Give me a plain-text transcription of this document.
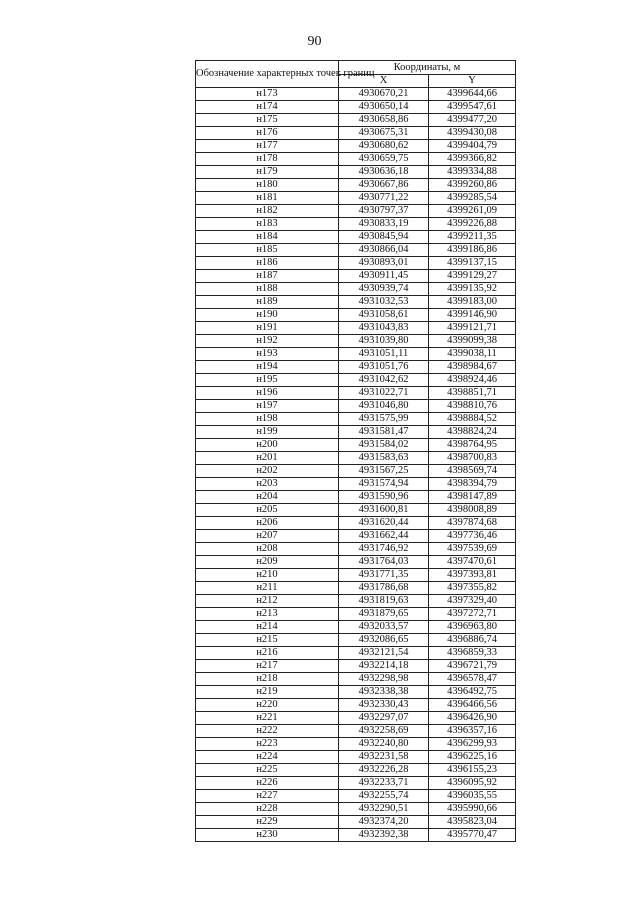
90
Обозначение характерных точек границ	Координаты, м	
	X	Y
н173	4930670,21	4399644,66
н174	4930650,14	4399547,61
н175	4930658,86	4399477,20
н176	4930675,31	4399430,08
н177	4930680,62	4399404,79
н178	4930659,75	4399366,82
н179	4930636,18	4399334,88
н180	4930667,86	4399260,86
н181	4930771,22	4399285,54
н182	4930797,37	4399261,09
н183	4930833,19	4399226,88
н184	4930845,94	4399211,35
н185	4930866,04	4399186,86
н186	4930893,01	4399137,15
н187	4930911,45	4399129,27
н188	4930939,74	4399135,92
н189	4931032,53	4399183,00
н190	4931058,61	4399146,90
н191	4931043,83	4399121,71
н192	4931039,80	4399099,38
н193	4931051,11	4399038,11
н194	4931051,76	4398984,67
н195	4931042,62	4398924,46
н196	4931022,71	4398851,71
н197	4931046,80	4398810,76
н198	4931575,99	4398884,52
н199	4931581,47	4398824,24
н200	4931584,02	4398764,95
н201	4931583,63	4398700,83
н202	4931567,25	4398569,74
н203	4931574,94	4398394,79
н204	4931590,96	4398147,89
н205	4931600,81	4398008,89
н206	4931620,44	4397874,68
н207	4931662,44	4397736,46
н208	4931746,92	4397539,69
н209	4931764,03	4397470,61
н210	4931771,35	4397393,81
н211	4931786,68	4397355,82
н212	4931819,63	4397329,40
н213	4931879,65	4397272,71
н214	4932033,57	4396963,80
н215	4932086,65	4396886,74
н216	4932121,54	4396859,33
н217	4932214,18	4396721,79
н218	4932298,98	4396578,47
н219	4932338,38	4396492,75
н220	4932330,43	4396466,56
н221	4932297,07	4396426,90
н222	4932258,69	4396357,16
н223	4932240,80	4396299,93
н224	4932231,58	4396225,16
н225	4932226,28	4396155,23
н226	4932233,71	4396095,92
н227	4932255,74	4396035,55
н228	4932290,51	4395990,66
н229	4932374,20	4395823,04
н230	4932392,38	4395770,47
